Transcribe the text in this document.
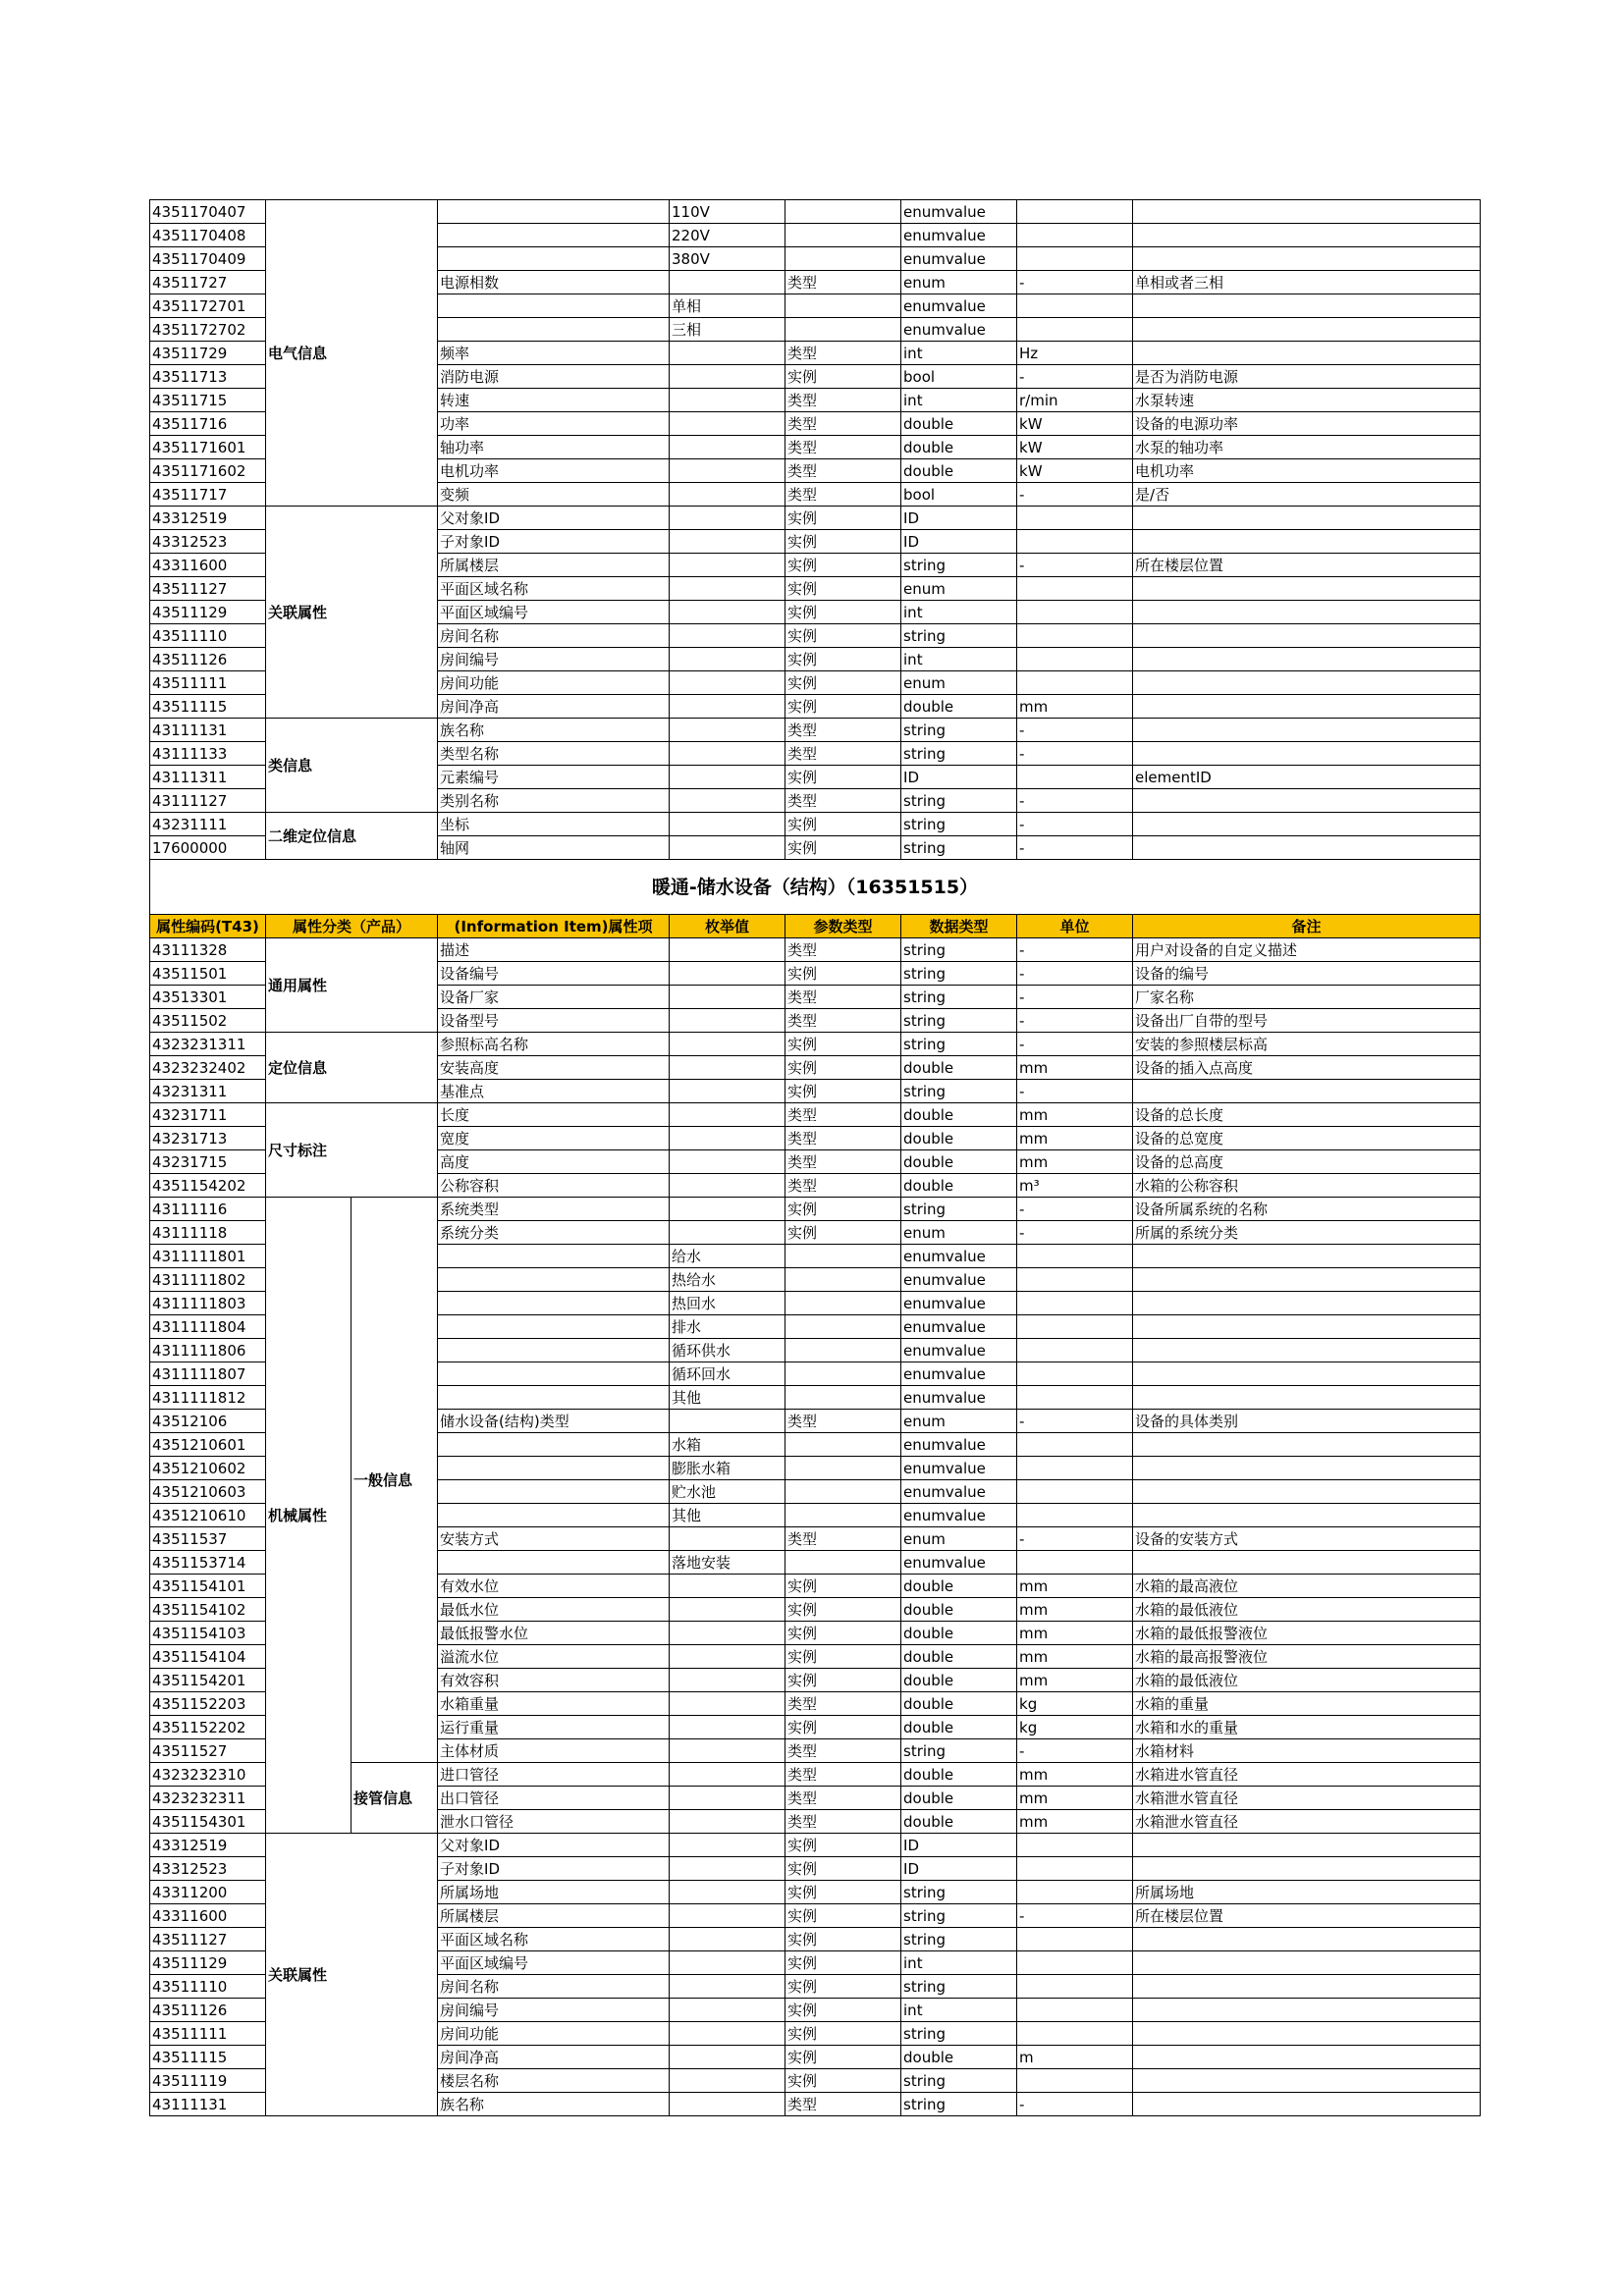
4351170407	电气信息			110V		enumvalue		
4351170408				220V		enumvalue		
4351170409				380V		enumvalue		
43511727			电源相数		类型	enum	-	单相或者三相
4351172701				单相		enumvalue		
4351172702				三相		enumvalue		
43511729			频率		类型	int	Hz	
43511713			消防电源		实例	bool	-	是否为消防电源
43511715			转速		类型	int	r/min	水泵转速
43511716			功率		类型	double	kW	设备的电源功率
4351171601			轴功率		类型	double	kW	水泵的轴功率
4351171602			电机功率		类型	double	kW	电机功率
43511717			变频		类型	bool	-	是/否
43312519	关联属性		父对象ID		实例	ID		
43312523			子对象ID		实例	ID		
43311600			所属楼层		实例	string	-	所在楼层位置
43511127			平面区域名称		实例	enum		
43511129			平面区域编号		实例	int		
43511110			房间名称		实例	string		
43511126			房间编号		实例	int		
43511111			房间功能		实例	enum		
43511115			房间净高		实例	double	mm	
43111131	类信息		族名称		类型	string	-	
43111133			类型名称		类型	string	-	
43111311			元素编号		实例	ID		elementID
43111127			类别名称		类型	string	-	
43231111	二维定位信息		坐标		实例	string	-	
17600000			轴网		实例	string	-	
暖通-储水设备（结构）（16351515）								
属性编码(T43)	属性分类（产品）		(Information Item)属性项	枚举值	参数类型	数据类型	单位	备注
43111328	通用属性		描述		类型	string	-	用户对设备的自定义描述
43511501			设备编号		实例	string	-	设备的编号
43513301			设备厂家		类型	string	-	厂家名称
43511502			设备型号		类型	string	-	设备出厂自带的型号
4323231311	定位信息		参照标高名称		实例	string	-	安装的参照楼层标高
4323232402			安装高度		实例	double	mm	设备的插入点高度
43231311			基准点		实例	string	-	
43231711	尺寸标注		长度		类型	double	mm	设备的总长度
43231713			宽度		类型	double	mm	设备的总宽度
43231715			高度		类型	double	mm	设备的总高度
4351154202			公称容积		类型	double	m³	水箱的公称容积
43111116	机械属性	一般信息	系统类型		实例	string	-	设备所属系统的名称
43111118			系统分类		实例	enum	-	所属的系统分类
4311111801				给水		enumvalue		
4311111802				热给水		enumvalue		
4311111803				热回水		enumvalue		
4311111804				排水		enumvalue		
4311111806				循环供水		enumvalue		
4311111807				循环回水		enumvalue		
4311111812				其他		enumvalue		
43512106			储水设备(结构)类型		类型	enum	-	设备的具体类别
4351210601				水箱		enumvalue		
4351210602				膨胀水箱		enumvalue		
4351210603				贮水池		enumvalue		
4351210610				其他		enumvalue		
43511537			安装方式		类型	enum	-	设备的安装方式
4351153714				落地安装		enumvalue		
4351154101			有效水位		实例	double	mm	水箱的最高液位
4351154102			最低水位		实例	double	mm	水箱的最低液位
4351154103			最低报警水位		实例	double	mm	水箱的最低报警液位
4351154104			溢流水位		实例	double	mm	水箱的最高报警液位
4351154201			有效容积		实例	double	mm	水箱的最低液位
4351152203			水箱重量		类型	double	kg	水箱的重量
4351152202			运行重量		实例	double	kg	水箱和水的重量
43511527			主体材质		类型	string	-	水箱材料
4323232310		接管信息	进口管径		类型	double	mm	水箱进水管直径
4323232311			出口管径		类型	double	mm	水箱泄水管直径
4351154301			泄水口管径		类型	double	mm	水箱泄水管直径
43312519	关联属性		父对象ID		实例	ID		
43312523			子对象ID		实例	ID		
43311200			所属场地		实例	string		所属场地
43311600			所属楼层		实例	string	-	所在楼层位置
43511127			平面区域名称		实例	string		
43511129			平面区域编号		实例	int		
43511110			房间名称		实例	string		
43511126			房间编号		实例	int		
43511111			房间功能		实例	string		
43511115			房间净高		实例	double	m	
43511119			楼层名称		实例	string		
43111131			族名称		类型	string	-	
